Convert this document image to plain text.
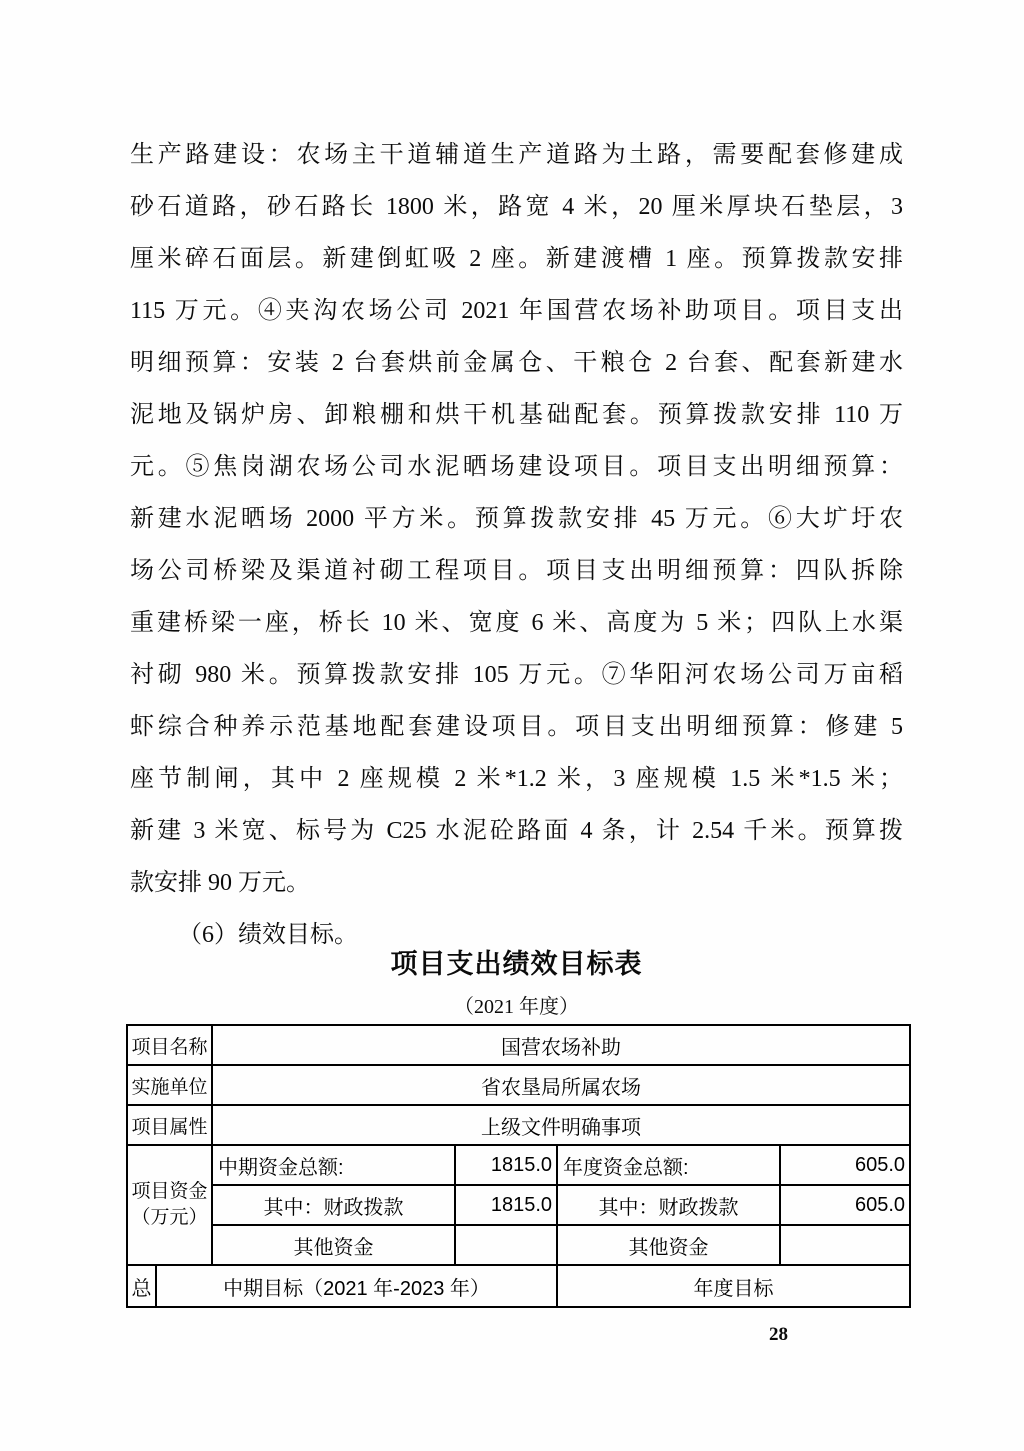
生产路建设：农场主干道辅道生产道路为土路，需要配套修建成
砂石道路，砂石路长 1800 米，路宽 4 米，20 厘米厚块石垫层，3
厘米碎石面层。新建倒虹吸 2 座。新建渡槽 1 座。预算拨款安排
115 万元。④夹沟农场公司 2021 年国营农场补助项目。项目支出
明细预算：安装 2 台套烘前金属仓、干粮仓 2 台套、配套新建水
泥地及锅炉房、卸粮棚和烘干机基础配套。预算拨款安排 110 万
元。⑤焦岗湖农场公司水泥晒场建设项目。项目支出明细预算：
新建水泥晒场 2000 平方米。预算拨款安排 45 万元。⑥大圹圩农
场公司桥梁及渠道衬砌工程项目。项目支出明细预算：四队拆除
重建桥梁一座，桥长 10 米、宽度 6 米、高度为 5 米；四队上水渠
衬砌 980 米。预算拨款安排 105 万元。⑦华阳河农场公司万亩稻
虾综合种养示范基地配套建设项目。项目支出明细预算：修建 5
座节制闸，其中 2 座规模 2 米*1.2 米，3 座规模 1.5 米*1.5 米；
新建 3 米宽、标号为 C25 水泥砼路面 4 条，计 2.54 千米。预算拨
款安排 90 万元。
（6）绩效目标。
项目支出绩效目标表
（2021 年度）
项目名称		国营农场补助			
实施单位		省农垦局所属农场			
项目属性		上级文件明确事项			

项目资金
（万元）		中期资金总额:	1815.0	年度资金总额:	605.0
		其中：财政拨款	1815.0	其中：财政拨款	605.0
		其他资金		其他资金	
总	中期目标（2021 年-2023 年）			年度目标	
28
